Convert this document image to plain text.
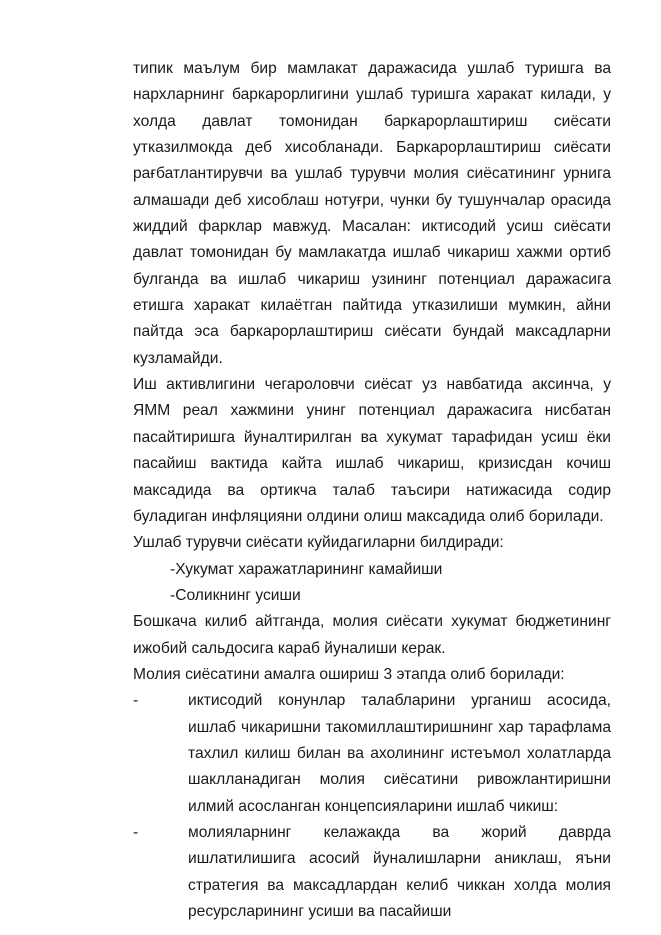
типик маълум бир мамлакат даражасида ушлаб туришга ва нархларнинг баркарорлигини ушлаб туришга харакат килади, у холда давлат томонидан баркарорлаштириш сиёсати утказилмокда деб хисобланади. Баркарорлаштириш сиёсати рағбатлантирувчи ва ушлаб турувчи молия сиёсатининг урнига алмашади деб хисоблаш нотуғри, чунки бу тушунчалар орасида жиддий фарклар мавжуд. Масалан: иктисодий усиш сиёсати давлат томонидан бу мамлакатда ишлаб чикариш хажми ортиб булганда ва ишлаб чикариш узининг потенциал даражасига етишга харакат килаётган пайтида утказилиши мумкин, айни пайтда эса баркарорлаштириш сиёсати бундай максадларни кузламайди.

Иш активлигини чегароловчи сиёсат уз навбатида аксинча, у ЯММ реал хажмини унинг потенциал даражасига нисбатан пасайтиришга йуналтирилган ва хукумат тарафидан усиш ёки пасайиш вактида кайта ишлаб чикариш, кризисдан кочиш максадида ва ортикча талаб таъсири натижасида содир буладиган инфляцияни олдини олиш максадида олиб борилади.

Ушлаб турувчи сиёсати куйидагиларни билдиради:

-Хукумат харажатларининг камайиши

-Соликнинг усиши

Бошкача килиб айтганда, молия сиёсати хукумат бюджетининг ижобий сальдосига караб йуналиши керак.

Молия сиёсатини амалга ошириш 3 этапда олиб борилади:

-	иктисодий конунлар талабларини урганиш асосида, ишлаб чикаришни такомиллаштиришнинг хар тарафлама тахлил килиш билан ва ахолининг истеъмол холатларда шаклланадиган молия сиёсатини ривожлантиришни илмий асосланган концепсияларини ишлаб чикиш:
-	молияларнинг келажакда ва жорий даврда ишлатилишига асосий йуналишларни аниклаш, яъни стратегия ва максадлардан келиб чиккан холда молия ресурсларининг усиши ва пасайиши
